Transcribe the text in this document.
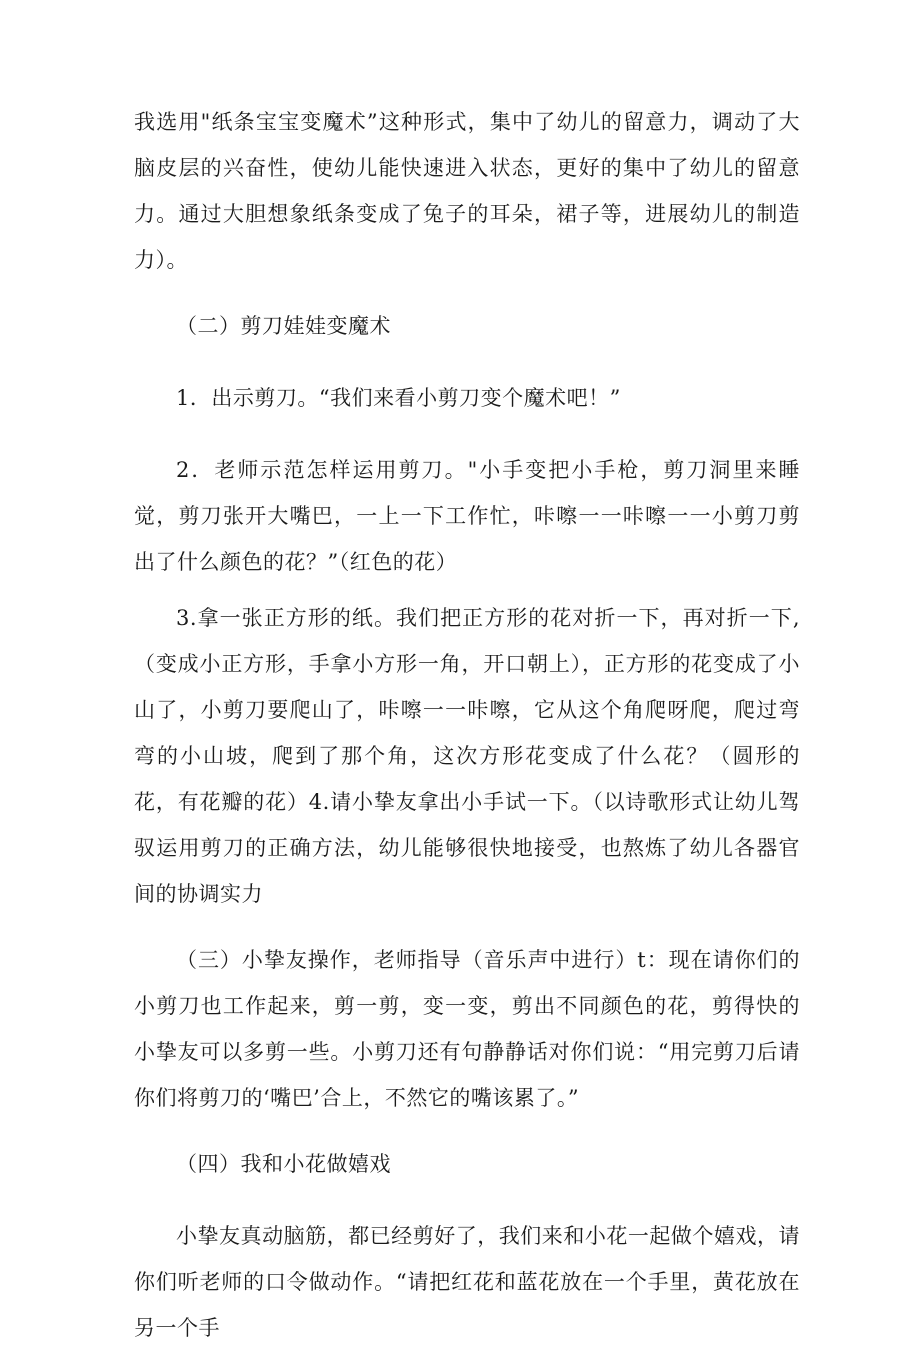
我选用"纸条宝宝变魔术”这种形式，集中了幼儿的留意力，调动了大脑皮层的兴奋性，使幼儿能快速进入状态，更好的集中了幼儿的留意力。通过大胆想象纸条变成了兔子的耳朵，裙子等，进展幼儿的制造力）。

（二）剪刀娃娃变魔术

1．出示剪刀。“我们来看小剪刀变个魔术吧！”

2．老师示范怎样运用剪刀。"小手变把小手枪，剪刀洞里来睡觉，剪刀张开大嘴巴，一上一下工作忙，咔嚓一一咔嚓一一小剪刀剪出了什么颜色的花？”（红色的花）

3.拿一张正方形的纸。我们把正方形的花对折一下，再对折一下,（变成小正方形，手拿小方形一角，开口朝上），正方形的花变成了小山了，小剪刀要爬山了，咔嚓一一咔嚓，它从这个角爬呀爬，爬过弯弯的小山坡，爬到了那个角，这次方形花变成了什么花？（圆形的花，有花瓣的花）4.请小挚友拿出小手试一下。（以诗歌形式让幼儿驾驭运用剪刀的正确方法，幼儿能够很快地接受，也熬炼了幼儿各器官间的协调实力

（三）小挚友操作，老师指导（音乐声中进行）t：现在请你们的小剪刀也工作起来，剪一剪，变一变，剪出不同颜色的花，剪得快的小挚友可以多剪一些。小剪刀还有句静静话对你们说：“用完剪刀后请你们将剪刀的‘嘴巴’合上，不然它的嘴该累了。”

（四）我和小花做嬉戏

小挚友真动脑筋，都已经剪好了，我们来和小花一起做个嬉戏，请你们听老师的口令做动作。“请把红花和蓝花放在一个手里，黄花放在另一个手
